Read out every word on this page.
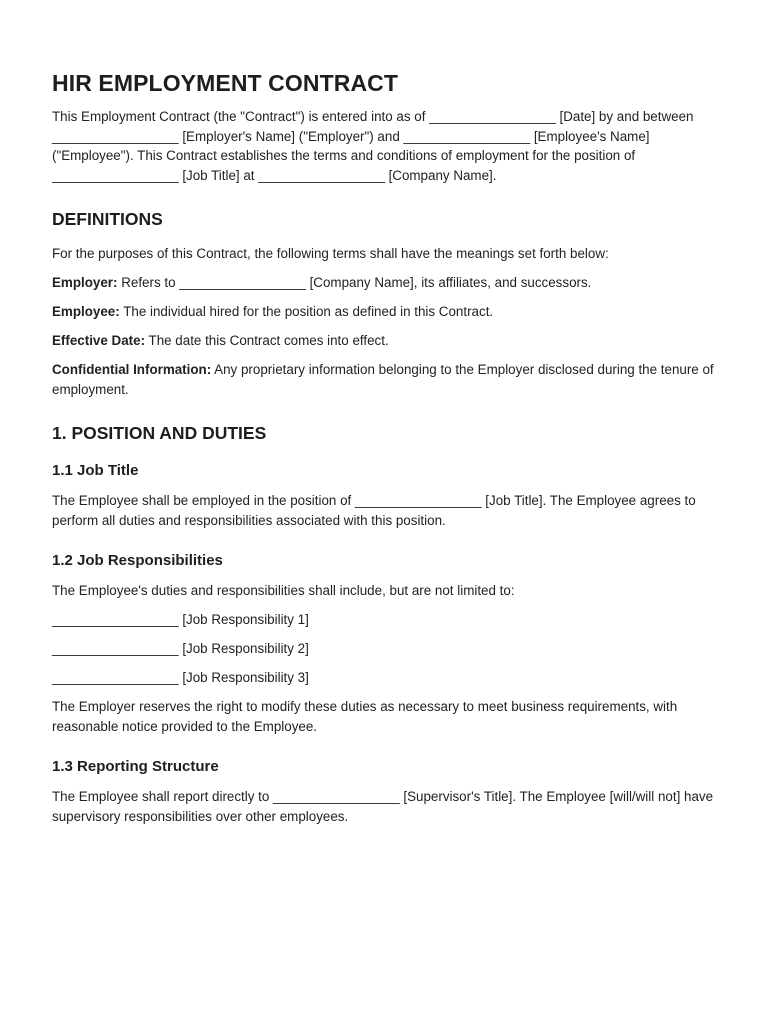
HIR EMPLOYMENT CONTRACT

This Employment Contract (the "Contract") is entered into as of _________________ [Date] by and between _________________ [Employer's Name] ("Employer") and _________________ [Employee's Name] ("Employee"). This Contract establishes the terms and conditions of employment for the position of _________________ [Job Title] at _________________ [Company Name].

DEFINITIONS

For the purposes of this Contract, the following terms shall have the meanings set forth below:

Employer: Refers to _________________ [Company Name], its affiliates, and successors.

Employee: The individual hired for the position as defined in this Contract.

Effective Date: The date this Contract comes into effect.

Confidential Information: Any proprietary information belonging to the Employer disclosed during the tenure of employment.

1. POSITION AND DUTIES
1.1 Job Title

The Employee shall be employed in the position of _________________ [Job Title]. The Employee agrees to perform all duties and responsibilities associated with this position.

1.2 Job Responsibilities

The Employee's duties and responsibilities shall include, but are not limited to:

_________________ [Job Responsibility 1]

_________________ [Job Responsibility 2]

_________________ [Job Responsibility 3]

The Employer reserves the right to modify these duties as necessary to meet business requirements, with reasonable notice provided to the Employee.

1.3 Reporting Structure

The Employee shall report directly to _________________ [Supervisor's Title]. The Employee [will/will not] have supervisory responsibilities over other employees.
